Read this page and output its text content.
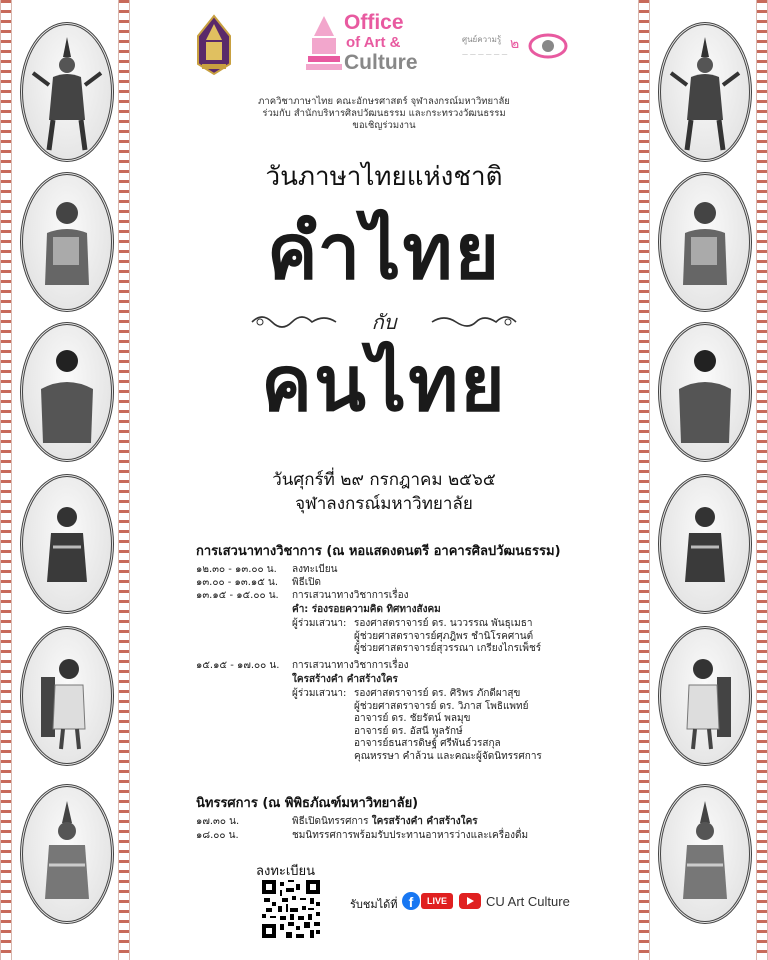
Office
of Art &
Culture
ศูนย์ความรู้
— — — — — —
๒
ภาควิชาภาษาไทย คณะอักษรศาสตร์ จุฬาลงกรณ์มหาวิทยาลัย
ร่วมกับ สำนักบริหารศิลปวัฒนธรรม และกระทรวงวัฒนธรรม
ขอเชิญร่วมงาน
วันภาษาไทยแห่งชาติ
คำไทย
กับ
คนไทย
วันศุกร์ที่ ๒๙ กรกฎาคม ๒๕๖๕
จุฬาลงกรณ์มหาวิทยาลัย
การเสวนาทางวิชาการ (ณ หอแสดงดนตรี อาคารศิลปวัฒนธรรม)
๑๒.๓๐ - ๑๓.๐๐ น. ลงทะเบียน
๑๓.๐๐ - ๑๓.๑๕ น. พิธีเปิด
๑๓.๑๕ - ๑๕.๐๐ น. การเสวนาทางวิชาการเรื่อง
คำ: ร่องรอยความคิด ทิศทางสังคม
ผู้ร่วมเสวนา: รองศาสตราจารย์ ดร. นววรรณ พันธุเมธา
ผู้ช่วยศาสตราจารย์ศุภฎิพร ชำนิโรคศานต์
ผู้ช่วยศาสตราจารย์สุวรรณา เกรียงไกรเพ็ชร์
๑๕.๑๕ - ๑๗.๐๐ น. การเสวนาทางวิชาการเรื่อง
ใครสร้างคำ คำสร้างใคร
ผู้ร่วมเสวนา: รองศาสตราจารย์ ดร. ศิริพร ภักดีผาสุข
ผู้ช่วยศาสตราจารย์ ดร. วิภาส โพธิแพทย์
อาจารย์ ดร. ชัยรัตน์ พลมุข
อาจารย์ ดร. อัสนี พูลรักษ์
อาจารย์ธนสารดิษฐ์ ศรีพันธ์วรสกุล
คุณหรรษา คำล้วน และคณะผู้จัดนิทรรศการ
นิทรรศการ (ณ พิพิธภัณฑ์มหาวิทยาลัย)
๑๗.๓๐ น.	พิธีเปิดนิทรรศการ ใครสร้างคำ คำสร้างใคร
๑๘.๐๐ น.	ชมนิทรรศการพร้อมรับประทานอาหารว่างและเครื่องดื่ม
ลงทะเบียน
รับชมได้ที่ f	LIVE	CU Art Culture
